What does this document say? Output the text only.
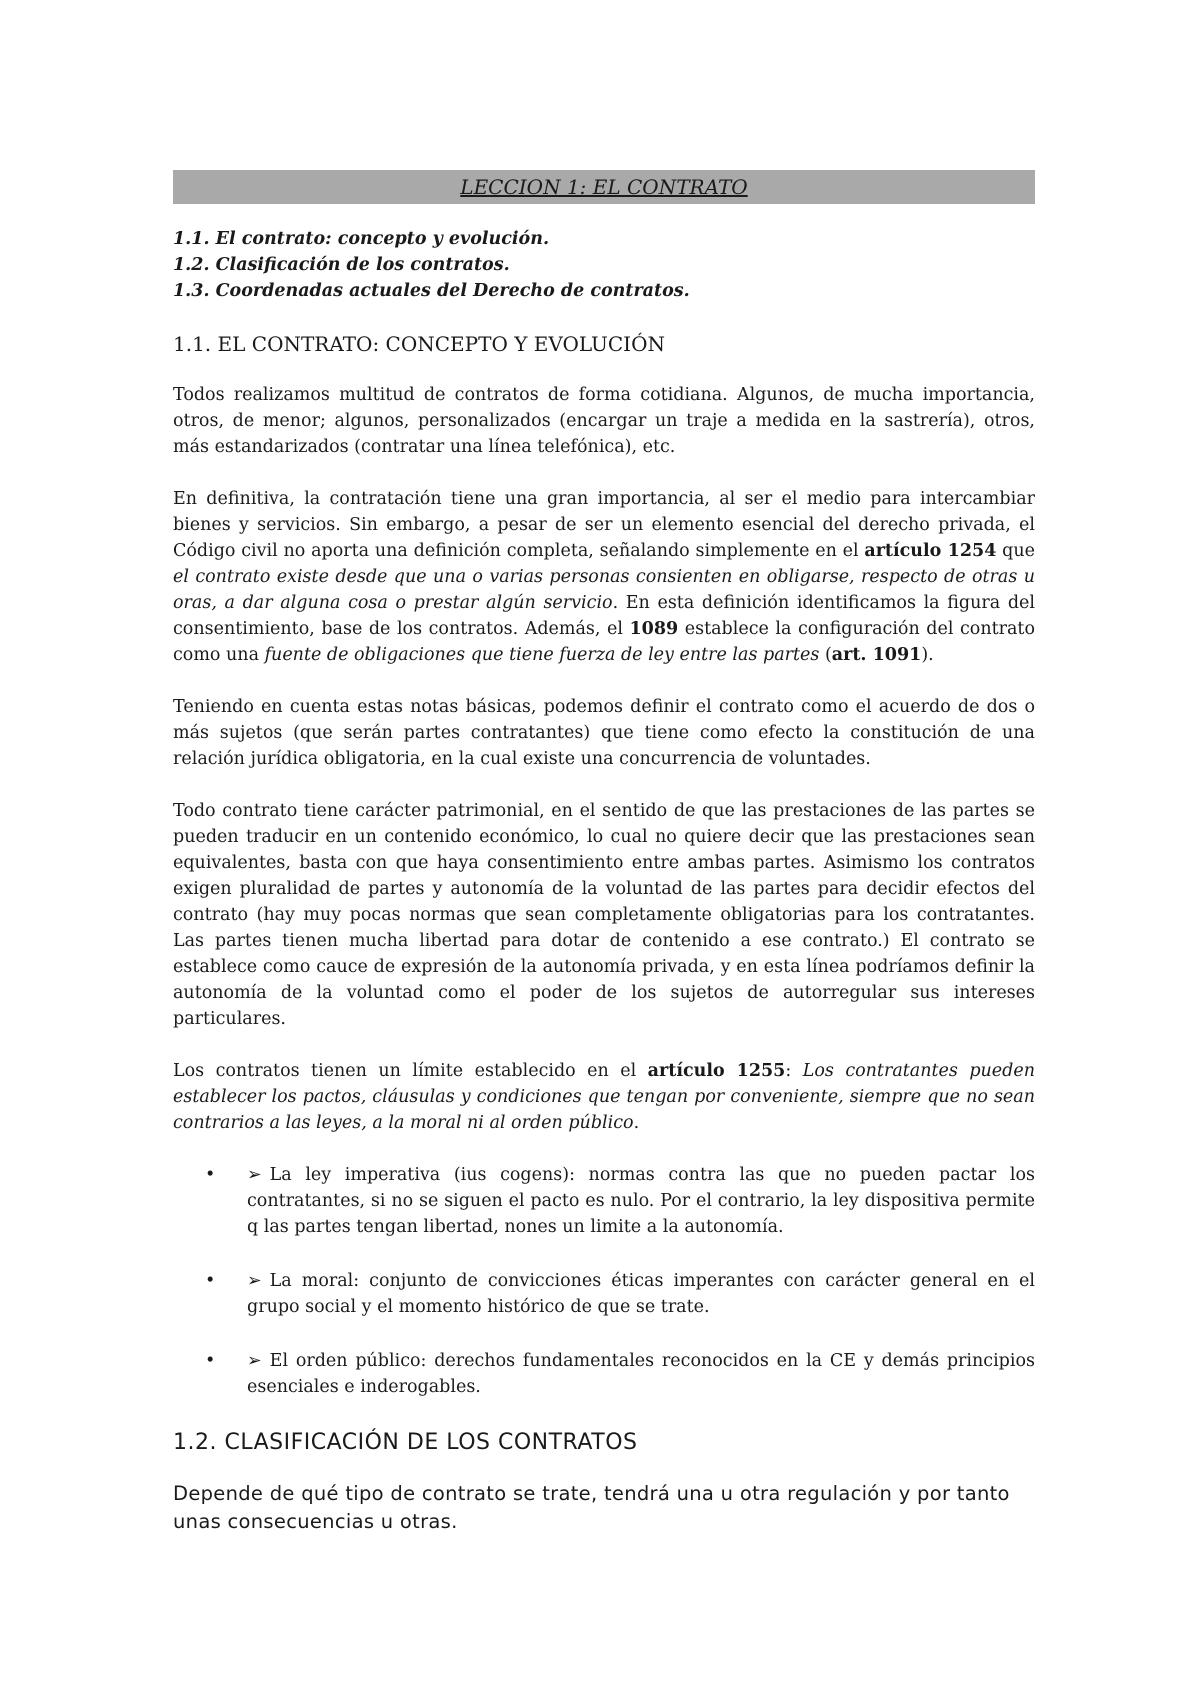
LECCION 1: EL CONTRATO

1.1. El contrato: concepto y evolución.

1.2. Clasificación de los contratos.

1.3. Coordenadas actuales del Derecho de contratos.

1.1. EL CONTRATO: CONCEPTO Y EVOLUCIÓN

Todos realizamos multitud de contratos de forma cotidiana. Algunos, de mucha importancia, otros, de menor; algunos, personalizados (encargar un traje a medida en la sastrería), otros, más estandarizados (contratar una línea telefónica), etc.

En definitiva, la contratación tiene una gran importancia, al ser el medio para intercambiar bienes y servicios. Sin embargo, a pesar de ser un elemento esencial del derecho privada, el Código civil no aporta una definición completa, señalando simplemente en el artículo 1254 que el contrato existe desde que una o varias personas consienten en obligarse, respecto de otras u oras, a dar alguna cosa o prestar algún servicio. En esta definición identificamos la figura del consentimiento, base de los contratos. Además, el 1089 establece la configuración del contrato como una fuente de obligaciones que tiene fuerza de ley entre las partes (art. 1091).

Teniendo en cuenta estas notas básicas, podemos definir el contrato como el acuerdo de dos o más sujetos (que serán partes contratantes) que tiene como efecto la constitución de una relación jurídica obligatoria, en la cual existe una concurrencia de voluntades.

Todo contrato tiene carácter patrimonial, en el sentido de que las prestaciones de las partes se pueden traducir en un contenido económico, lo cual no quiere decir que las prestaciones sean equivalentes, basta con que haya consentimiento entre ambas partes. Asimismo los contratos exigen pluralidad de partes y autonomía de la voluntad de las partes para decidir efectos del contrato (hay muy pocas normas que sean completamente obligatorias para los contratantes. Las partes tienen mucha libertad para dotar de contenido a ese contrato.) El contrato se establece como cauce de expresión de la autonomía privada, y en esta línea podríamos definir la autonomía de la voluntad como el poder de los sujetos de autorregular sus intereses particulares.

Los contratos tienen un límite establecido en el artículo 1255: Los contratantes pueden establecer los pactos, cláusulas y condiciones que tengan por conveniente, siempre que no sean contrarios a las leyes, a la moral ni al orden público.

• ➢ La ley imperativa (ius cogens): normas contra las que no pueden pactar los contratantes, si no se siguen el pacto es nulo. Por el contrario, la ley dispositiva permite q las partes tengan libertad, nones un limite a la autonomía.
• ➢ La moral: conjunto de convicciones éticas imperantes con carácter general en el grupo social y el momento histórico de que se trate.
• ➢ El orden público: derechos fundamentales reconocidos en la CE y demás principios esenciales e inderogables.
1.2. CLASIFICACIÓN DE LOS CONTRATOS

Depende de qué tipo de contrato se trate, tendrá una u otra regulación y por tanto unas consecuencias u otras.
